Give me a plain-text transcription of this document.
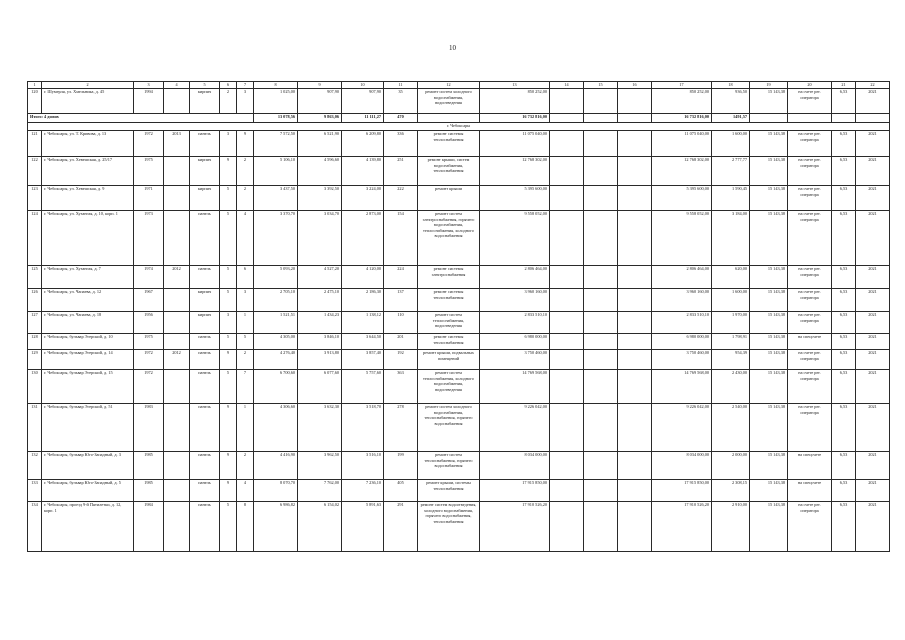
10
1	2	3	4	5	6	7	8	9	10	11	12	13	14	15	16	17	18	19	20	21	22
120	г. Шумерля, ул. Хмельника, д. 45	1994		кирпич	2	3	1 025,00	907,90	907,90	35	ремонт систем холодного водоснабжения, водоотведения	850 252,00				850 252,00	936,50	15 143,38	на счете рег. оператора	6,53	2021
Итого: 4 домов							13 078,56	9 863,06	11 111,27	470		16 732 816,00				16 732 816,00	1491,57				
г. Чебоксары																					
121	г. Чебоксары, ул. Т. Кривова, д. 13	1972	2013	панель	3	9	7 572,50	6 521,90	6 209,80	336	ремонт системы теплоснабжения	11 075 040,00				11 075 040,00	1 600,00	15 143,38	на счете рег. оператора	6,53	2021
122	г. Чебоксары, ул. Хевешская, д. 25/17	1975		кирпич	9	2	5 106,10	4 596,60	4 139,80	251	ремонт крыши, систем водоснабжения, теплоснабжения	12 768 302,00				12 768 302,00	2 777,77	15 143,38	на счете рег. оператора	6,53	2021
123	г. Чебоксары, ул. Хевешская, д. 9	1971		кирпич	5	2	3 437,50	3 392,50	3 224,00	222	ремонт крыши	5 395 600,00				5 395 600,00	1 590,45	15 143,38	на счете рег. оператора	6,53	2021
124	г. Чебоксары, ул. Хузангая, д. 10, корп. 1	1973		панель	5	4	3 370,70	3 034,70	2 873,00	154	ремонт систем электроснабжения, горячего водоснабжения, теплоснабжения, холодного водоснабжения	9 558 052,00				9 558 052,00	3 184,00	15 143,38	на счете рег. оператора	6,53	2021
125	г. Чебоксары, ул. Хузангая, д. 7	1974	2012	панель	5	6	5 093,20	4 527,20	4 120,00	224	ремонт системы электроснабжения	2 806 464,00				2 806 464,00	620,00	15 143,38	на счете рег. оператора	6,53	2021
126	г. Чебоксары, ул. Чапаева, д. 12	1967		кирпич	5	3	2 705,10	2 475,10	2 186,30	137	ремонт системы теплоснабжения	3 960 160,00				3 960 160,00	1 600,00	15 143,38	на счете рег. оператора	6,53	2021
127	г. Чебоксары, ул. Чапаева, д. 18	1956		кирпич	3	1	1 521,51	1 434,23	1 138,12	110	ремонт систем теплоснабжения, водоотведения	2 833 510,10				2 833 510,10	1 970,00	15 143,38	на счете рег. оператора	6,53	2021
128	г. Чебоксары, бульвар Эгерский, д. 10	1975		панель	5	5	4 305,00	3 846,10	3 644,50	201	ремонт системы теплоснабжения	6 980 000,00				6 980 000,00	1 798,91	15 143,38	на спецсчете	6,53	2021
129	г. Чебоксары, бульвар Эгерский, д. 14	1972	2012	панель	9	2	4 276,40	3 913,80	3 857,40	192	ремонт крыши, подвальных помещений	3 750 460,00				3 750 460,00	954,39	15 143,38	на счете рег. оператора	6,53	2021
130	г. Чебоксары, бульвар Эгерский, д. 15	1972		панель	5	7	6 700,60	6 077,60	5 757,60	363	ремонт систем теплоснабжения, холодного водоснабжения, водоотведения	14 769 568,00				14 769 568,00	2 430,00	15 143,38	на счете рег. оператора	6,53	2021
131	г. Чебоксары, бульвар Эгерский, д. 51	1983		панель	9	1	4 306,60	3 632,30	3 518,70	278	ремонт систем холодного водоснабжения, теплоснабжения, горячего водоснабжения	9 226 042,00				9 226 042,00	2 540,00	15 143,38	на счете рег. оператора	6,53	2021
132	г. Чебоксары, бульвар Юго-Западный, д. 3	1985		панель	9	2	4 416,90	3 962,50	3 516,10	199	ремонт систем теплоснабжения, горячего водоснабжения	8 034 000,00				8 034 000,00	2 000,00	15 143,38	на спецсчете	6,53	2021
133	г. Чебоксары, бульвар Юго-Западный, д. 5	1985		панель	9	4	8 070,70	7 762,00	7 236,10	405	ремонт крыши, системы теплоснабжения	17 915 850,00				17 915 850,00	2 308,15	15 143,38	на спецсчете	6,53	2021
134	г. Чебоксары, проезд 9-й Пятилетки, д. 12, корп. 1	1984		панель	5	8	6 986,82	6 154,02	5 891,63	291	ремонт систем водоотведения, холодного водоснабжения, горячего водоснабжения, теплоснабжения	17 910 526,20				17 910 526,20	2 910,00	15 143,38	на счете рег. оператора	6,53	2021
